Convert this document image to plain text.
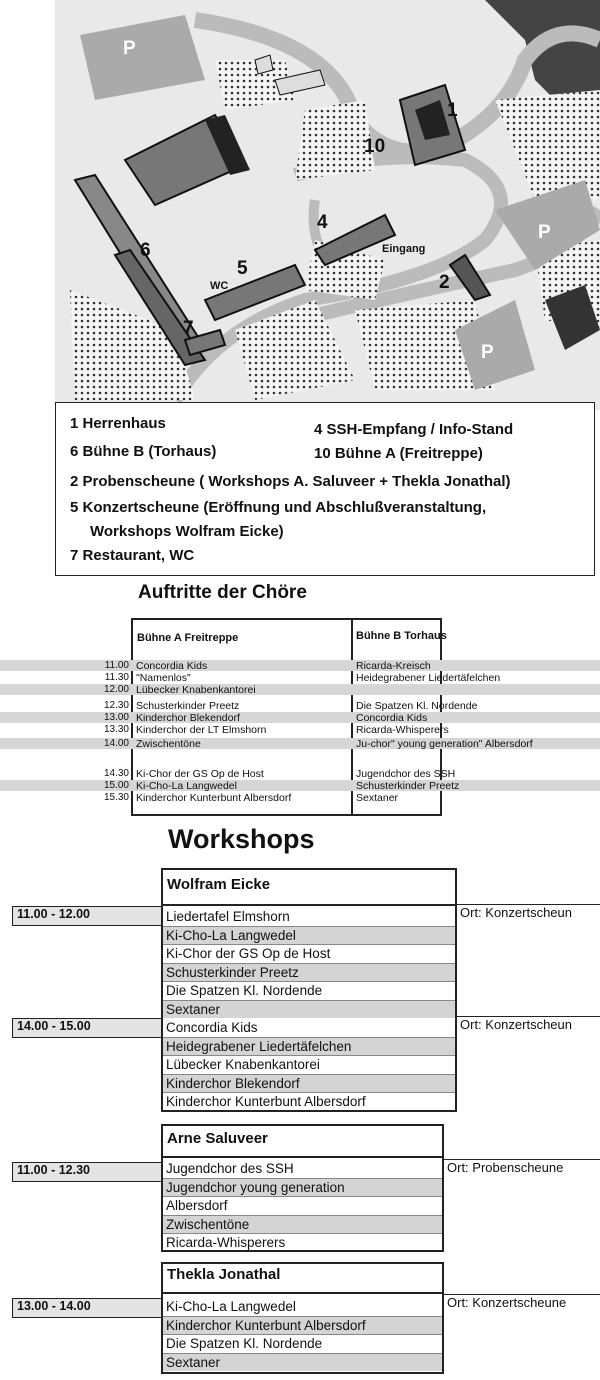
P
P
P
1
10
4
6
5
2
7
WC
Eingang
1 Herrenhaus	4 SSH-Empfang / Info-Stand
6 Bühne B (Torhaus)	10 Bühne A (Freitreppe)
2 Probenscheune ( Workshops A. Saluveer + Thekla Jonathal)
5 Konzertscheune (Eröffnung und Abschlußveranstaltung,
Workshops Wolfram Eicke)
7 Restaurant, WC
Auftritte der Chöre
Bühne A Freitreppe	Bühne B Torhaus
11.00 Concordia Kids	Ricarda-Kreisch
11.30 "Namenlos"	Heidegrabener Liedertäfelchen
12.00 Lübecker Knabenkantorei
12.30 Schusterkinder Preetz	Die Spatzen Kl. Nordende
13.00 Kinderchor Blekendorf	Concordia Kids
13.30 Kinderchor der LT Elmshorn	Ricarda-Whisperers
14.00 Zwischentöne	Ju-chor" young generation" Albersdorf
14.30 Ki-Chor der GS Op de Host	Jugendchor des SSH
15.00 Ki-Cho-La Langwedel	Schusterkinder Preetz
15.30 Kinderchor Kunterbunt Albersdorf	Sextaner
Workshops
Wolfram Eicke
11.00 - 12.00	Ort: Konzertscheun
14.00 - 15.00	Ort: Konzertscheun
Liedertafel Elmshorn
Ki-Cho-La Langwedel
Ki-Chor der GS Op de Host
Schusterkinder Preetz
Die Spatzen Kl. Nordende
Sextaner
Concordia Kids
Heidegrabener Liedertäfelchen
Lübecker Knabenkantorei
Kinderchor Blekendorf
Kinderchor Kunterbunt Albersdorf
Arne Saluveer
11.00 - 12.30	Ort: Probenscheune
Jugendchor des SSH
Jugendchor young generation
Albersdorf
Zwischentöne
Ricarda-Whisperers
Thekla Jonathal
13.00 - 14.00	Ort: Konzertscheune
Ki-Cho-La Langwedel
Kinderchor Kunterbunt Albersdorf
Die Spatzen Kl. Nordende
Sextaner
